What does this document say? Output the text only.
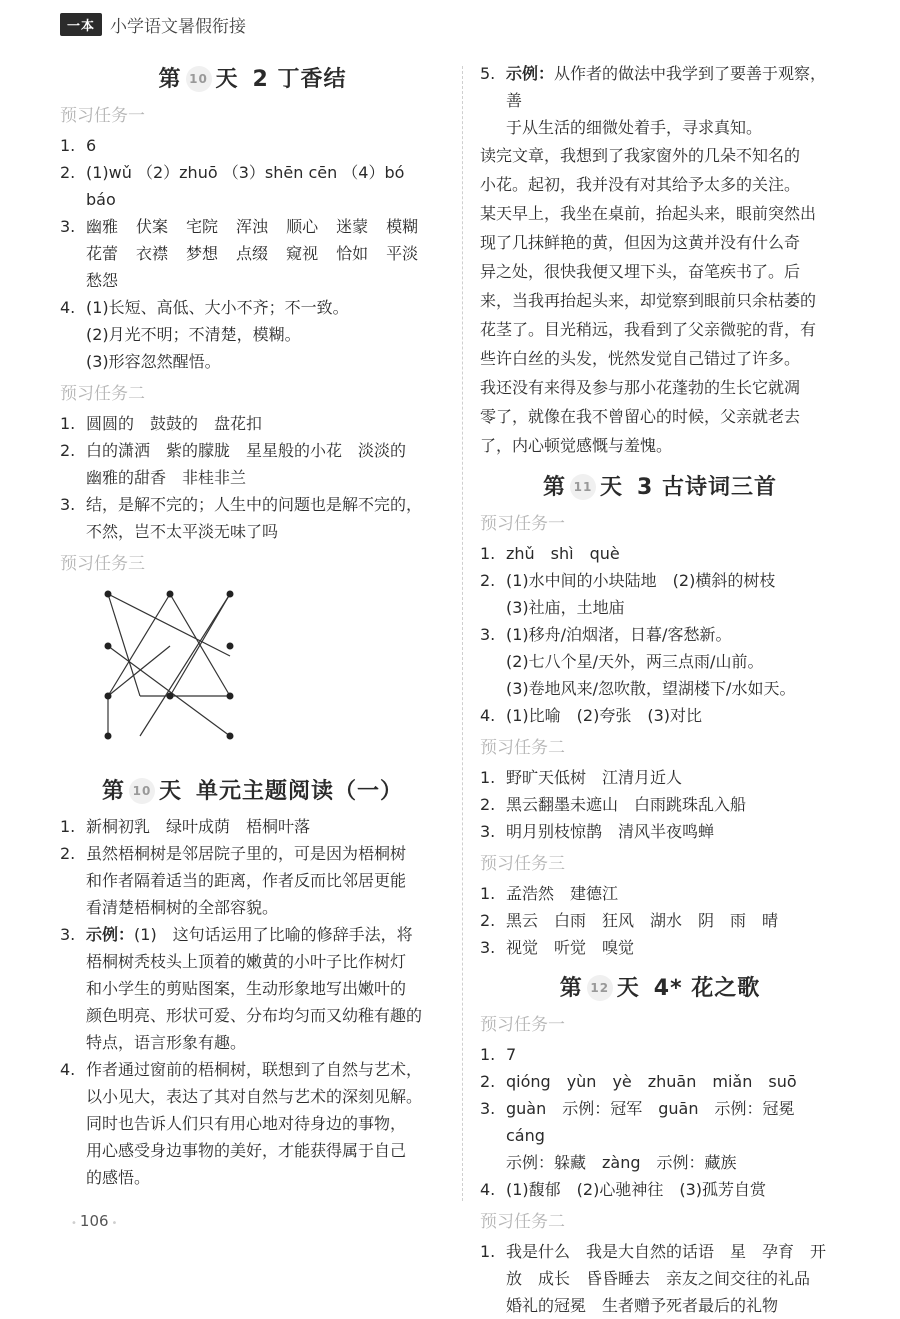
一本 小学语文暑假衔接
第 10 天 2 丁香结
预习任务一
1. 6
2. (1)wǔ （2）zhuō （3）shēn cēn （4）bó
báo
3. 幽雅 伏案 宅院 浑浊 顺心 迷蒙 模糊
花蕾 衣襟 梦想 点缀 窥视 恰如 平淡
愁怨
4. (1)长短、高低、大小不齐；不一致。
(2)月光不明；不清楚，模糊。
(3)形容忽然醒悟。
预习任务二
1. 圆圆的　鼓鼓的　盘花扣
2. 白的潇洒　紫的朦胧　星星般的小花　淡淡的
幽雅的甜香　非桂非兰
3. 结，是解不完的；人生中的问题也是解不完的，
不然，岂不太平淡无味了吗
预习任务三
第 10 天 单元主题阅读（一）
1. 新桐初乳　绿叶成荫　梧桐叶落
2. 虽然梧桐树是邻居院子里的，可是因为梧桐树
和作者隔着适当的距离，作者反而比邻居更能
看清楚梧桐树的全部容貌。
3. 示例：(1)　这句话运用了比喻的修辞手法，将
梧桐树秃枝头上顶着的嫩黄的小叶子比作树灯
和小学生的剪贴图案，生动形象地写出嫩叶的
颜色明亮、形状可爱、分布均匀而又幼稚有趣的
特点，语言形象有趣。
4. 作者通过窗前的梧桐树，联想到了自然与艺术，
以小见大，表达了其对自然与艺术的深刻见解。
同时也告诉人们只有用心地对待身边的事物，
用心感受身边事物的美好，才能获得属于自己
的感悟。
5. 示例：从作者的做法中我学到了要善于观察，善
于从生活的细微处着手，寻求真知。
读完文章，我想到了我家窗外的几朵不知名的
小花。起初，我并没有对其给予太多的关注。
某天早上，我坐在桌前，抬起头来，眼前突然出
现了几抹鲜艳的黄，但因为这黄并没有什么奇
异之处，很快我便又埋下头，奋笔疾书了。后
来，当我再抬起头来，却觉察到眼前只余枯萎的
花茎了。目光稍远，我看到了父亲微驼的背，有
些许白丝的头发，恍然发觉自己错过了许多。
我还没有来得及参与那小花蓬勃的生长它就凋
零了，就像在我不曾留心的时候，父亲就老去
了，内心顿觉感慨与羞愧。
第 11 天 3 古诗词三首
预习任务一
1. zhǔ　shì　què
2. (1)水中间的小块陆地　(2)横斜的树枝
(3)社庙，土地庙
3. (1)移舟/泊烟渚，日暮/客愁新。
(2)七八个星/天外，两三点雨/山前。
(3)卷地风来/忽吹散，望湖楼下/水如天。
4. (1)比喻　(2)夸张　(3)对比
预习任务二
1. 野旷天低树　江清月近人
2. 黑云翻墨未遮山　白雨跳珠乱入船
3. 明月别枝惊鹊　清风半夜鸣蝉
预习任务三
1. 孟浩然　建德江
2. 黑云　白雨　狂风　湖水　阴　雨　晴
3. 视觉　听觉　嗅觉
第 12 天 4* 花之歌
预习任务一
1. 7
2. qióng　yùn　yè　zhuān　miǎn　suō
3. guàn　示例：冠军　guān　示例：冠冕　cáng
示例：躲藏　zàng　示例：藏族
4. (1)馥郁　(2)心驰神往　(3)孤芳自赏
预习任务二
1. 我是什么　我是大自然的话语　星　孕育　开
放　成长　昏昏睡去　亲友之间交往的礼品
婚礼的冠冕　生者赠予死者最后的礼物
• 106 •
